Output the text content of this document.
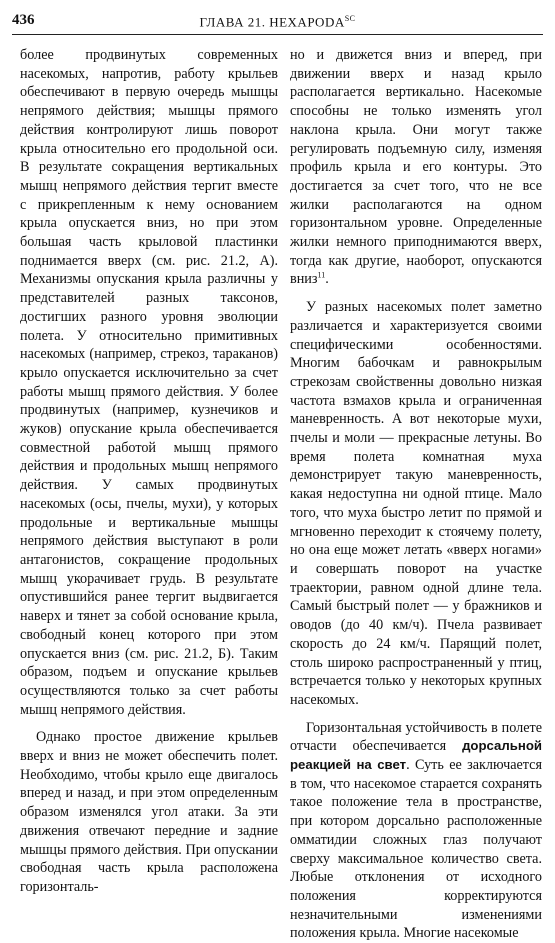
436	ГЛАВА 21. $HEXAPODA^{SC}$

более продвинутых современных насекомых, напротив, работу крыльев обеспечивают в первую очередь мышцы непрямого действия; мышцы прямого действия контролируют лишь поворот крыла относительно его продольной оси. В результате сокращения вертикальных мышц непрямого действия тергит вместе с прикрепленным к нему основанием крыла опускается вниз, но при этом большая часть крыловой пластинки поднимается вверх (см. рис. 21.2, А). Механизмы опускания крыла различны у представителей разных таксонов, достигших разного уровня эволюции полета. У относительно примитивных насекомых (например, стрекоз, тараканов) крыло опускается исключительно за счет работы мышц прямого действия. У более продвинутых (например, кузнечиков и жуков) опускание крыла обеспечивается совместной работой мышц прямого действия и продольных мышц непрямого действия. У самых продвинутых насекомых (осы, пчелы, мухи), у которых продольные и вертикальные мышцы непрямого действия выступают в роли антагонистов, сокращение продольных мышц укорачивает грудь. В результате опустившийся ранее тергит выдвигается наверх и тянет за собой основание крыла, свободный конец которого при этом опускается вниз (см. рис. 21.2, Б). Таким образом, подъем и опускание крыльев осуществляются только за счет работы мышц непрямого действия.

Однако простое движение крыльев вверх и вниз не может обеспечить полет. Необходимо, чтобы крыло еще двигалось вперед и назад, и при этом определенным образом изменялся угол атаки. За эти движения отвечают передние и задние мышцы прямого действия. При опускании свободная часть крыла расположена горизонталь-

но и движется вниз и вперед, при движении вверх и назад крыло располагается вертикально. Насекомые способны не только изменять угол наклона крыла. Они могут также регулировать подъемную силу, изменяя профиль крыла и его контуры. Это достигается за счет того, что не все жилки располагаются на одном горизонтальном уровне. Определенные жилки немного приподнимаются вверх, тогда как другие, наоборот, опускаются вниз$^{11}$.

У разных насекомых полет заметно различается и характеризуется своими специфическими особенностями. Многим бабочкам и равнокрылым стрекозам свойственны довольно низкая частота взмахов крыла и ограниченная маневренность. А вот некоторые мухи, пчелы и моли — прекрасные летуны. Во время полета комнатная муха демонстрирует такую маневренность, какая недоступна ни одной птице. Мало того, что муха быстро летит по прямой и мгновенно переходит к стоячему полету, но она еще может летать «вверх ногами» и совершать поворот на участке траектории, равном одной длине тела. Самый быстрый полет — у бражников и оводов (до 40 км/ч). Пчела развивает скорость до 24 км/ч. Парящий полет, столь широко распространенный у птиц, встречается только у некоторых крупных насекомых.

Горизонтальная устойчивость в полете отчасти обеспечивается дорсальной реакцией на свет. Суть ее заключается в том, что насекомое старается сохранять такое положение тела в пространстве, при котором дорсально расположенные омматидии сложных глаз получают сверху максимальное количество света. Любые отклонения от исходного положения корректируются незначительными изменениями положения крыла. Многие насекомые
